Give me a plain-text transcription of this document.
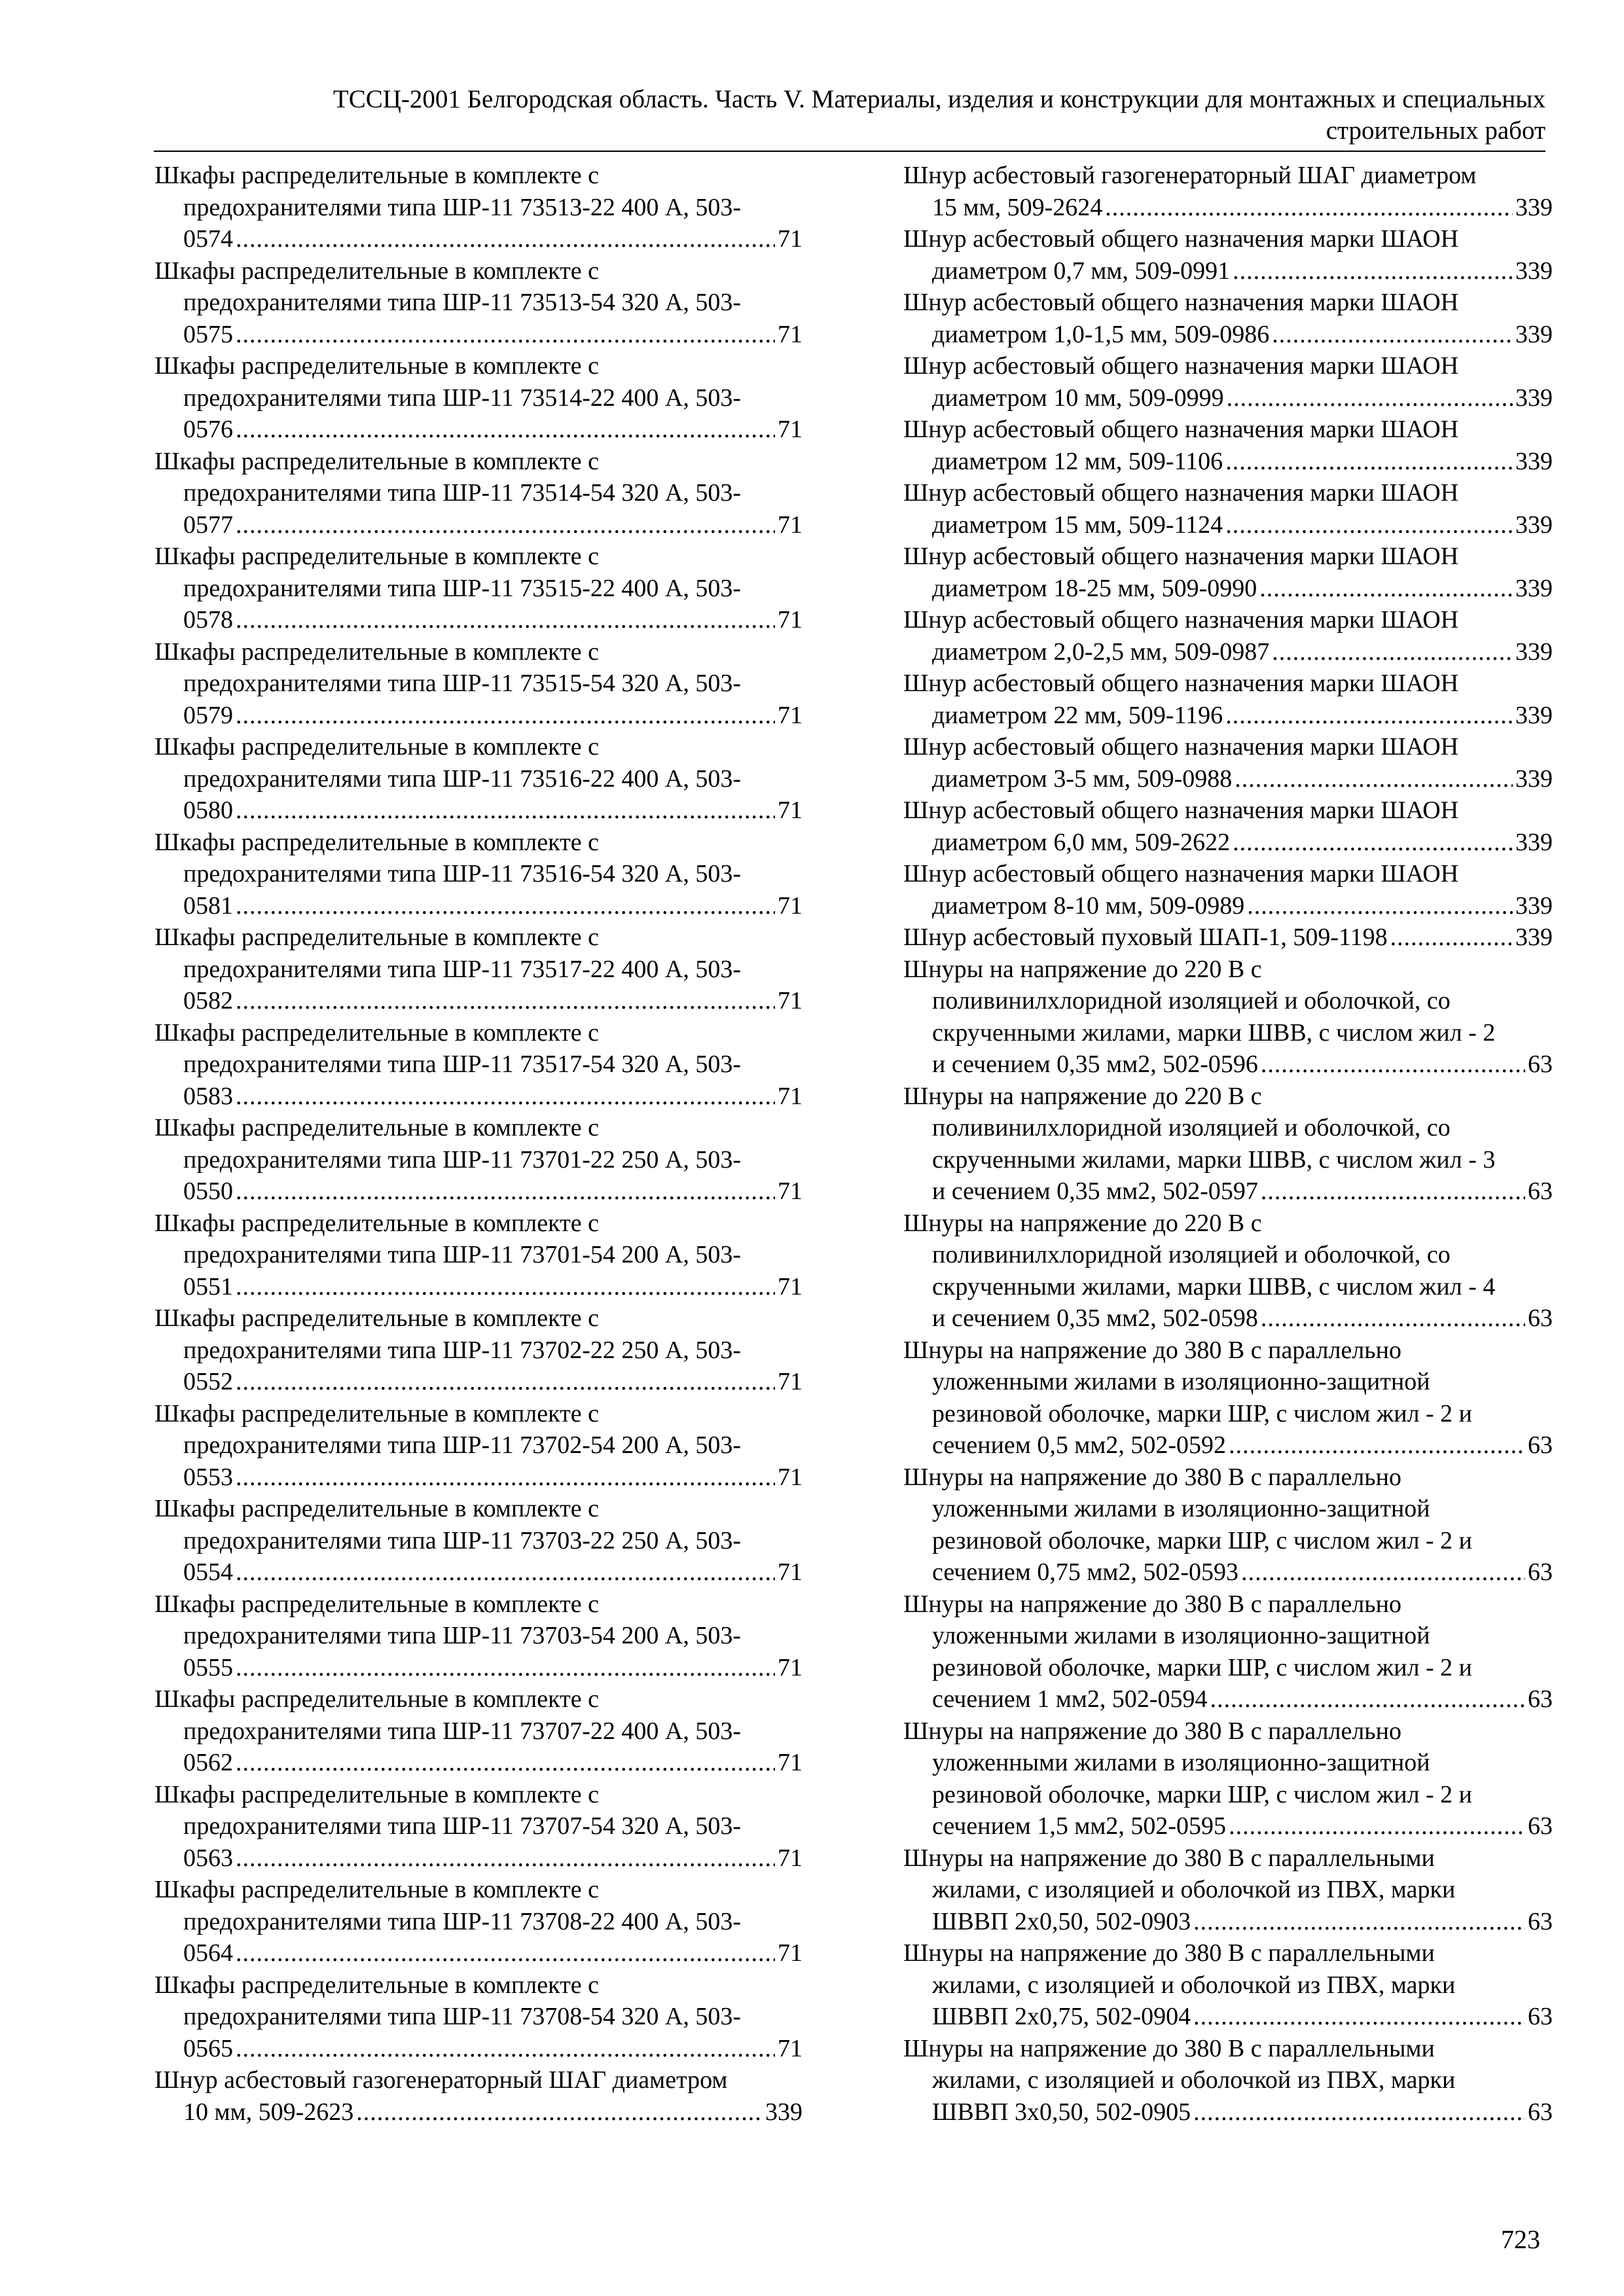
ТССЦ-2001 Белгородская область. Часть V. Материалы, изделия и конструкции для монтажных и специальных
строительных работ
Шкафы распределительные в комплекте с
предохранителями типа ШР-11 73513-22 400 А, 503-
0574 .....	71
Шкафы распределительные в комплекте с
предохранителями типа ШР-11 73513-54 320 А, 503-
0575 .....	71
Шкафы распределительные в комплекте с
предохранителями типа ШР-11 73514-22 400 А, 503-
0576 .....	71
Шкафы распределительные в комплекте с
предохранителями типа ШР-11 73514-54 320 А, 503-
0577 .....	71
Шкафы распределительные в комплекте с
предохранителями типа ШР-11 73515-22 400 А, 503-
0578 .....	71
Шкафы распределительные в комплекте с
предохранителями типа ШР-11 73515-54 320 А, 503-
0579 .....	71
Шкафы распределительные в комплекте с
предохранителями типа ШР-11 73516-22 400 А, 503-
0580 .....	71
Шкафы распределительные в комплекте с
предохранителями типа ШР-11 73516-54 320 А, 503-
0581 .....	71
Шкафы распределительные в комплекте с
предохранителями типа ШР-11 73517-22 400 А, 503-
0582 .....	71
Шкафы распределительные в комплекте с
предохранителями типа ШР-11 73517-54 320 А, 503-
0583 .....	71
Шкафы распределительные в комплекте с
предохранителями типа ШР-11 73701-22 250 А, 503-
0550 .....	71
Шкафы распределительные в комплекте с
предохранителями типа ШР-11 73701-54 200 А, 503-
0551 .....	71
Шкафы распределительные в комплекте с
предохранителями типа ШР-11 73702-22 250 А, 503-
0552 .....	71
Шкафы распределительные в комплекте с
предохранителями типа ШР-11 73702-54 200 А, 503-
0553 .....	71
Шкафы распределительные в комплекте с
предохранителями типа ШР-11 73703-22 250 А, 503-
0554 .....	71
Шкафы распределительные в комплекте с
предохранителями типа ШР-11 73703-54 200 А, 503-
0555 .....	71
Шкафы распределительные в комплекте с
предохранителями типа ШР-11 73707-22 400 А, 503-
0562 .....	71
Шкафы распределительные в комплекте с
предохранителями типа ШР-11 73707-54 320 А, 503-
0563 .....	71
Шкафы распределительные в комплекте с
предохранителями типа ШР-11 73708-22 400 А, 503-
0564 .....	71
Шкафы распределительные в комплекте с
предохранителями типа ШР-11 73708-54 320 А, 503-
0565 .....	71
Шнур асбестовый газогенераторный ШАГ диаметром
10 мм, 509-2623 .....	339
Шнур асбестовый газогенераторный ШАГ диаметром
15 мм, 509-2624 .....	339
Шнур асбестовый общего назначения марки ШАОН
диаметром 0,7 мм, 509-0991 .....	339
Шнур асбестовый общего назначения марки ШАОН
диаметром 1,0-1,5 мм, 509-0986 .....	339
Шнур асбестовый общего назначения марки ШАОН
диаметром 10 мм, 509-0999 .....	339
Шнур асбестовый общего назначения марки ШАОН
диаметром 12 мм, 509-1106 .....	339
Шнур асбестовый общего назначения марки ШАОН
диаметром 15 мм, 509-1124 .....	339
Шнур асбестовый общего назначения марки ШАОН
диаметром 18-25 мм, 509-0990 .....	339
Шнур асбестовый общего назначения марки ШАОН
диаметром 2,0-2,5 мм, 509-0987 .....	339
Шнур асбестовый общего назначения марки ШАОН
диаметром 22 мм, 509-1196 .....	339
Шнур асбестовый общего назначения марки ШАОН
диаметром 3-5 мм, 509-0988 .....	339
Шнур асбестовый общего назначения марки ШАОН
диаметром 6,0 мм, 509-2622 .....	339
Шнур асбестовый общего назначения марки ШАОН
диаметром 8-10 мм, 509-0989 .....	339
Шнур асбестовый пуховый ШАП-1, 509-1198 .....	339
Шнуры на напряжение до 220 В с
поливинилхлоридной изоляцией и оболочкой, со
скрученными жилами, марки ШВВ, с числом жил - 2
и сечением 0,35 мм2, 502-0596 .....	63
Шнуры на напряжение до 220 В с
поливинилхлоридной изоляцией и оболочкой, со
скрученными жилами, марки ШВВ, с числом жил - 3
и сечением 0,35 мм2, 502-0597 .....	63
Шнуры на напряжение до 220 В с
поливинилхлоридной изоляцией и оболочкой, со
скрученными жилами, марки ШВВ, с числом жил - 4
и сечением 0,35 мм2, 502-0598 .....	63
Шнуры на напряжение до 380 В с параллельно
уложенными жилами в изоляционно-защитной
резиновой оболочке, марки ШР, с числом жил - 2 и
сечением 0,5 мм2, 502-0592 .....	63
Шнуры на напряжение до 380 В с параллельно
уложенными жилами в изоляционно-защитной
резиновой оболочке, марки ШР, с числом жил - 2 и
сечением 0,75 мм2, 502-0593 .....	63
Шнуры на напряжение до 380 В с параллельно
уложенными жилами в изоляционно-защитной
резиновой оболочке, марки ШР, с числом жил - 2 и
сечением 1 мм2, 502-0594 .....	63
Шнуры на напряжение до 380 В с параллельно
уложенными жилами в изоляционно-защитной
резиновой оболочке, марки ШР, с числом жил - 2 и
сечением 1,5 мм2, 502-0595 .....	63
Шнуры на напряжение до 380 В с параллельными
жилами, с изоляцией и оболочкой из ПВХ, марки
ШВВП 2х0,50, 502-0903 .....	63
Шнуры на напряжение до 380 В с параллельными
жилами, с изоляцией и оболочкой из ПВХ, марки
ШВВП 2х0,75, 502-0904 .....	63
Шнуры на напряжение до 380 В с параллельными
жилами, с изоляцией и оболочкой из ПВХ, марки
ШВВП 3х0,50, 502-0905 .....	63
723
